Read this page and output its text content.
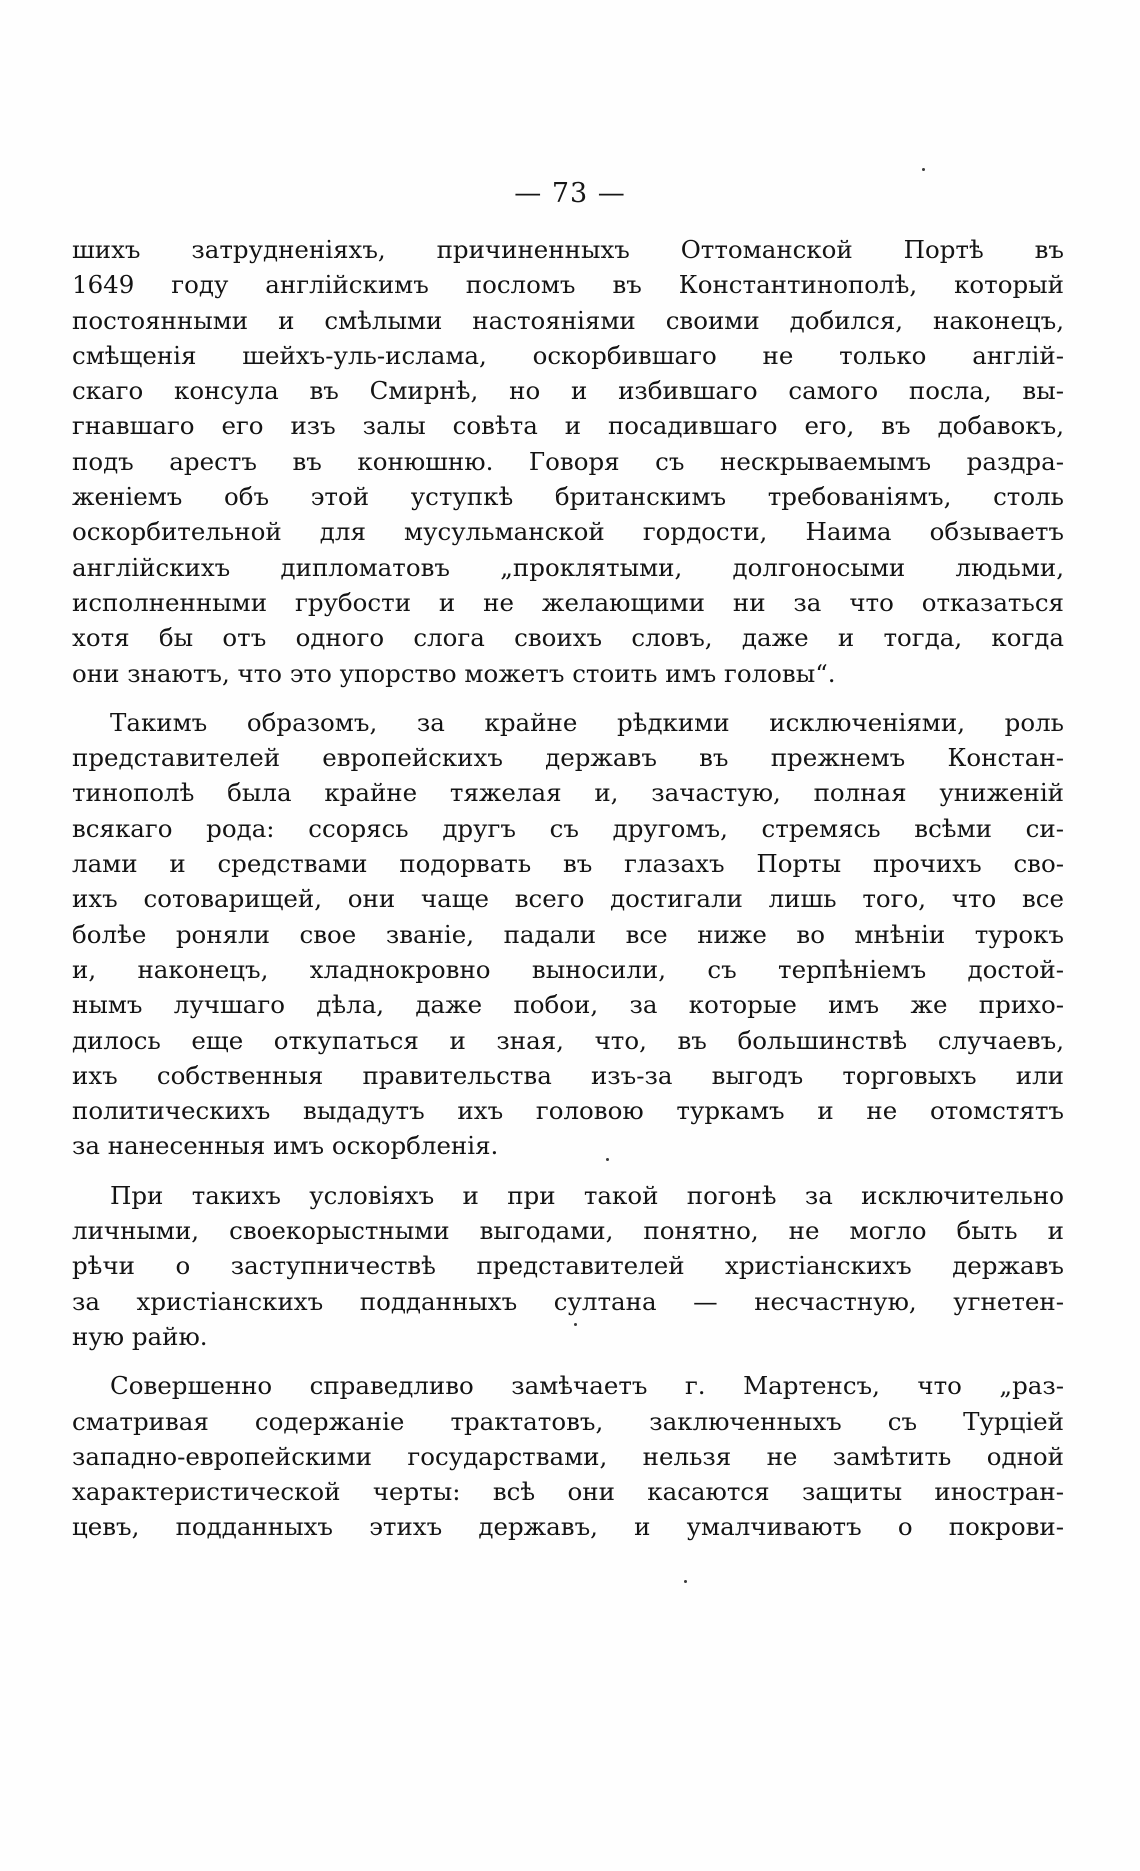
— 73 —
шихъ затрудненіяхъ, причиненныхъ Оттоманской Портѣ въ
1649 году англійскимъ посломъ въ Константинополѣ, который
постоянными и смѣлыми настояніями своими добился, наконецъ,
смѣщенія шейхъ-уль-ислама, оскорбившаго не только англій-
скаго консула въ Смирнѣ, но и избившаго самого посла, вы-
гнавшаго его изъ залы совѣта и посадившаго его, въ добавокъ,
подъ арестъ въ конюшню. Говоря съ нескрываемымъ раздра-
женіемъ объ этой уступкѣ британскимъ требованіямъ, столь
оскорбительной для мусульманской гордости, Наима обзываетъ
англійскихъ дипломатовъ „проклятыми, долгоносыми людьми,
исполненными грубости и не желающими ни за что отказаться
хотя бы отъ одного слога своихъ словъ, даже и тогда, когда
они знаютъ, что это упорство можетъ стоить имъ головы“.
Такимъ образомъ, за крайне рѣдкими исключеніями, роль
представителей европейскихъ державъ въ прежнемъ Констан-
тинополѣ была крайне тяжелая и, зачастую, полная униженій
всякаго рода: ссорясь другъ съ другомъ, стремясь всѣми си-
лами и средствами подорвать въ глазахъ Порты прочихъ сво-
ихъ сотоварищей, они чаще всего достигали лишь того, что все
болѣе роняли свое званіе, падали все ниже во мнѣніи турокъ
и, наконецъ, хладнокровно выносили, съ терпѣніемъ достой-
нымъ лучшаго дѣла, даже побои, за которые имъ же прихо-
дилось еще откупаться и зная, что, въ большинствѣ случаевъ,
ихъ собственныя правительства изъ-за выгодъ торговыхъ или
политическихъ выдадутъ ихъ головою туркамъ и не отомстятъ
за нанесенныя имъ оскорбленія.
При такихъ условіяхъ и при такой погонѣ за исключительно
личными, своекорыстными выгодами, понятно, не могло быть и
рѣчи о заступничествѣ представителей христіанскихъ державъ
за христіанскихъ подданныхъ султана — несчастную, угнетен-
ную райю.
Совершенно справедливо замѣчаетъ г. Мартенсъ, что „раз-
сматривая содержаніе трактатовъ, заключенныхъ съ Турціей
западно-европейскими государствами, нельзя не замѣтить одной
характеристической черты: всѣ они касаются защиты иностран-
цевъ, подданныхъ этихъ державъ, и умалчиваютъ о покрови-
